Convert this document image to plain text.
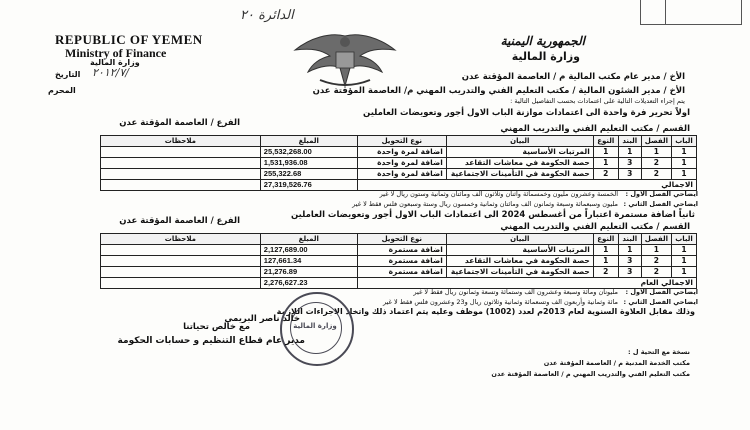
الدائرة ٢٠
REPUBLIC OF YEMEN
Ministry of Finance
وزارة المالية
٢٠١٢/٧/
التاريخ
المحرم
الجمهورية اليمنية
وزارة المالية
الأخ / مدير عام مكتب المالية م / العاصمة المؤقتة عدن
الأخ / مدير الشئون المالية / مكتب التعليم الفني والتدريب المهني م/ العاصمة المؤقتة عدن
يتم إجراء التعديلات التالية على اعتمادات بحسب التفاصيل التالية :
اولاً تحرير فرة واحدة الى اعتمادات موازنة الباب الاول أجور وتعويضات العاملين
الفرع / العاصمة المؤقتة عدن
القسم / مكتب التعليم الفني والتدريب المهني
الباب	الفصل	البند	النوع	البيان	نوع التحويل	المبلغ	ملاحظات
1	1	1	1	المرتبات الأساسية	اضافة لمرة واحدة	25,532,268.00	
1	2	3	1	حصة الحكومة في معاشات التقاعد	اضافة لمرة واحدة	1,531,936.08	
1	2	3	2	حصة الحكومة في التأمينات الاجتماعية	اضافة لمرة واحدة	255,322.68	
الاجمالي						27,319,526.76	
ايضاحي الفصل الاول :
الخمسة وعشرون مليون وخمسمائة واثنان وثلاثون الف ومائتان وثمانية وستون ريال لا غير
ايضاحي الفصل الثاني :
مليون وسبعمائة وسبعة وثمانون الف ومائتان وثمانية وخمسون ريال وستة وسبعون فلس فقط لا غير
ثانياً اضافة مستمرة اعتباراً من أغسطس 2024 الى اعتمادات الباب الاول أجور وتعويضات العاملين
الفرع / العاصمة المؤقتة عدن
القسم / مكتب التعليم الفني والتدريب المهني
الباب	الفصل	البند	النوع	البيان	نوع التحويل	المبلغ	ملاحظات
1	1	1	1	المرتبات الأساسية	اضافة مستمرة	2,127,689.00	
1	2	3	1	حصة الحكومة في معاشات التقاعد	اضافة مستمرة	127,661.34	
1	2	3	2	حصة الحكومة في التأمينات الاجتماعية	اضافة مستمرة	21,276.89	
الاجمالي العام						2,276,627.23	
ايضاحي الفصل الاول :
مليونان ومائة وسبعة وعشرون الف وستمائة وتسعة وثمانون ريال فقط لا غير
ايضاحي الفصل الثاني :
مائة وثمانية وأربعون الف وتسعمائة وثمانية وثلاثون ريال و23 وعشرون فلس فقط لا غير
وذلك مقابل العلاوة السنوية لعام 2013م لعدد (1002) موظف وعليه يتم اعتماد ذلك واتخاذ الاجراءات اللازمة
مع خالص تحياتنا	وزارة المالية
خالد ناصر البريمي
مدير عام قطاع التنظيم و حسابات الحكومة
نسخة مع التحية ل :
مكتب الخدمة المدنية م / العاصمة المؤقتة عدن
مكتب التعليم الفني والتدريب المهني م / العاصمة المؤقتة عدن
